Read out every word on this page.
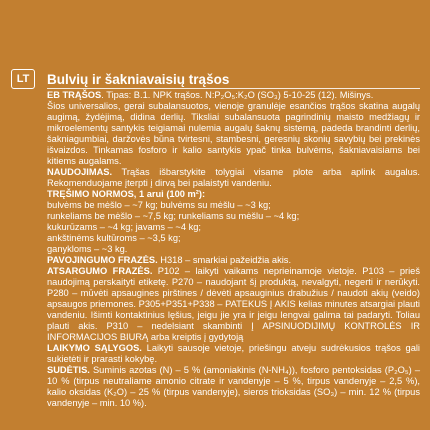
LT	Bulvių ir šakniavaisių trąšos

EB TRĄŠOS. Tipas: B.1. NPK trąšos. N:P₂O₅:K₂O (SO₃) 5-10-25 (12). Mišinys.

Šios universalios, gerai subalansuotos, vienoje granulėje esančios trąšos skatina augalų augimą, žydėjimą, didina derlių. Tiksliai subalansuota pagrindinių maisto medžiagų ir mikroelementų santykis teigiamai nulemia augalų šaknų sistemą, padeda brandinti derlių, šakniagumbiai, daržovės būna tvirtesni, stambesni, geresnių skonių savybių bei prekinės išvaizdos. Tinkamas fosforo ir kalio santykis ypač tinka bulvėms, šakniavaisiams bei kitiems augalams.

NAUDOJIMAS. Trąšas išbarstykite tolygiai visame plote arba aplink augalus. Rekomenduojame įterpti į dirvą bei palaistyti vandeniu.

TRĘŠIMO NORMOS, 1 arui (100 m²):

bulvėms be mėšlo – ~7 kg; bulvėms su mėšlu – ~3 kg;

runkeliams be mėšlo – ~7,5 kg; runkeliams su mėšlu – ~4 kg;

kukurūzams – ~4 kg; javams – ~4 kg;

ankštinėms kultūroms – ~3,5 kg;

ganykloms – ~3 kg.

PAVOJINGUMO FRAZĖS. H318 – smarkiai pažeidžia akis.

ATSARGUMO FRAZĖS. P102 – laikyti vaikams neprieinamoje vietoje. P103 – prieš naudojimą perskaityti etiketę. P270 – naudojant šį produktą, nevalgyti, negerti ir nerūkyti. P280 – mūvėti apsaugines pirštines / dėvėti apsauginius drabužius / naudoti akių (veido) apsaugos priemones. P305+P351+P338 – PATEKUS Į AKIS kelias minutes atsargiai plauti vandeniu. Išimti kontaktinius lęšius, jeigu jie yra ir jeigu lengvai galima tai padaryti. Toliau plauti akis. P310 – nedelsiant skambinti Į APSINUODIJIMŲ KONTROLĖS IR INFORMACIJOS BIURĄ arba kreiptis į gydytoją

LAIKYMO SĄLYGOS. Laikyti sausoje vietoje, priešingu atveju sudrėkusios trąšos gali sukietėti ir prarasti kokybę.

SUDĖTIS. Suminis azotas (N) – 5 % (amoniakinis (N-NH₄)), fosforo pentoksidas (P₂O₅) – 10 % (tirpus neutraliame amonio citrate ir vandenyje – 5 %, tirpus vandenyje – 2,5 %), kalio oksidas (K₂O) – 25 % (tirpus vandenyje), sieros trioksidas (SO₃) – min. 12 % (tirpus vandenyje – min. 10 %).
